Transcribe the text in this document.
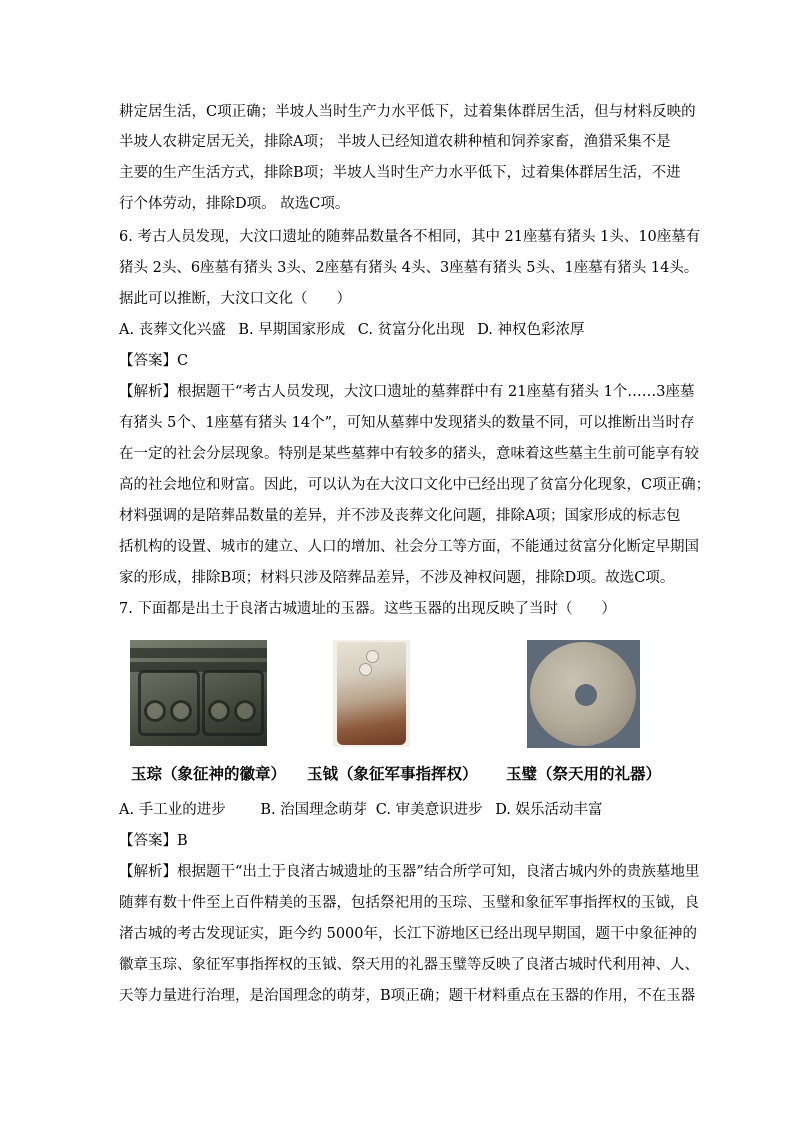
耕定居生活，C项正确；半坡人当时生产力水平低下，过着集体群居生活，但与材料反映的
半坡人农耕定居无关，排除A项； 半坡人已经知道农耕种植和饲养家畜，渔猎采集不是
主要的生产生活方式，排除B项；半坡人当时生产力水平低下，过着集体群居生活，不进
行个体劳动，排除D项。 故选C项。
6. 考古人员发现，大汶口遗址的随葬品数量各不相同，其中 21座墓有猪头 1头、10座墓有
猪头 2头、6座墓有猪头 3头、2座墓有猪头 4头、3座墓有猪头 5头、1座墓有猪头 14头。
据此可以推断，大汶口文化（　　）
A. 丧葬文化兴盛 B. 早期国家形成 C. 贫富分化出现 D. 神权色彩浓厚
【答案】C
【解析】根据题干“考古人员发现，大汶口遗址的墓葬群中有 21座墓有猪头 1个……3座墓
有猪头 5个、1座墓有猪头 14个”，可知从墓葬中发现猪头的数量不同，可以推断出当时存
在一定的社会分层现象。特别是某些墓葬中有较多的猪头，意味着这些墓主生前可能享有较
高的社会地位和财富。因此，可以认为在大汶口文化中已经出现了贫富分化现象，C项正确；
材料强调的是陪葬品数量的差异，并不涉及丧葬文化问题，排除A项；国家形成的标志包
括机构的设置、城市的建立、人口的增加、社会分工等方面，不能通过贫富分化断定早期国
家的形成，排除B项；材料只涉及陪葬品差异，不涉及神权问题，排除D项。故选C项。
7. 下面都是出土于良渚古城遗址的玉器。这些玉器的出现反映了当时（　　）
玉琮（象征神的徽章） 玉钺（象征军事指挥权） 玉璧（祭天用的礼器）
A. 手工业的进步 B. 治国理念萌芽 C. 审美意识进步 D. 娱乐活动丰富
【答案】B
【解析】根据题干“出土于良渚古城遗址的玉器”结合所学可知，良渚古城内外的贵族墓地里
随葬有数十件至上百件精美的玉器，包括祭祀用的玉琮、玉璧和象征军事指挥权的玉钺，良
渚古城的考古发现证实，距今约 5000年，长江下游地区已经出现早期国，题干中象征神的
徽章玉琮、象征军事指挥权的玉钺、祭天用的礼器玉璧等反映了良渚古城时代利用神、人、
天等力量进行治理，是治国理念的萌芽，B项正确；题干材料重点在玉器的作用，不在玉器
